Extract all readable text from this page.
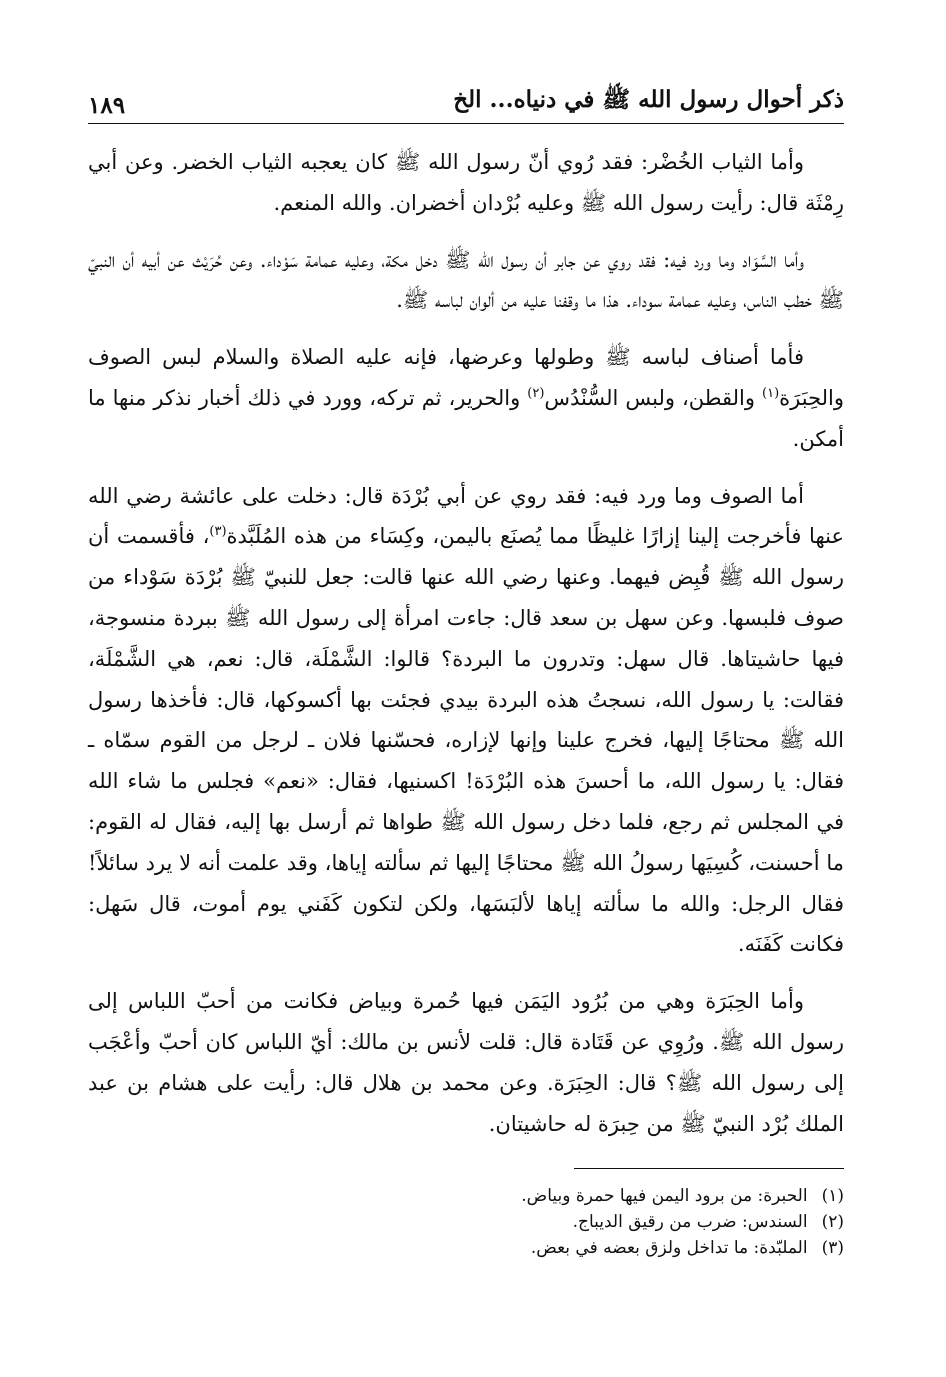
ذكر أحوال رسول الله ﷺ في دنياه... الخ
١٨٩

وأما الثياب الخُضْر: فقد رُوي أنّ رسول الله ﷺ كان يعجبه الثياب الخضر. وعن أبي رِمْثَة قال: رأيت رسول الله ﷺ وعليه بُرْدان أخضران. والله المنعم.

وأما السَّوَاد وما ورد فيه: فقد روي عن جابر أن رسول الله ﷺ دخل مكة، وعليه عمامة سَوْداء. وعن حُرَيْث عن أبيه أن النبيّ ﷺ خطب الناس، وعليه عمامة سوداء. هذا ما وقفنا عليه من ألوان لباسه ﷺ.

فأما أصناف لباسه ﷺ وطولها وعرضها، فإنه عليه الصلاة والسلام لبس الصوف والحِبَرَة$^{(١)}$ والقطن، ولبس السُّنْدُس$^{(٢)}$ والحرير، ثم تركه، وورد في ذلك أخبار نذكر منها ما أمكن.

أما الصوف وما ورد فيه: فقد روي عن أبي بُرْدَة قال: دخلت على عائشة رضي الله عنها فأخرجت إلينا إزارًا غليظًا مما يُصنَع باليمن، وكِسَاء من هذه المُلَبَّدة$^{(٣)}$، فأقسمت أن رسول الله ﷺ قُبِض فيهما. وعنها رضي الله عنها قالت: جعل للنبيّ ﷺ بُرْدَة سَوْداء من صوف فلبسها. وعن سهل بن سعد قال: جاءت امرأة إلى رسول الله ﷺ ببردة منسوجة، فيها حاشيتاها. قال سهل: وتدرون ما البردة؟ قالوا: الشَّمْلَة، قال: نعم، هي الشَّمْلَة، فقالت: يا رسول الله، نسجتُ هذه البردة بيدي فجئت بها أكسوكها، قال: فأخذها رسول الله ﷺ محتاجًا إليها، فخرج علينا وإنها لإزاره، فحسّنها فلان ـ لرجل من القوم سمّاه ـ فقال: يا رسول الله، ما أحسنَ هذه البُرْدَة! اكسنيها، فقال: «نعم» فجلس ما شاء الله في المجلس ثم رجع، فلما دخل رسول الله ﷺ طواها ثم أرسل بها إليه، فقال له القوم: ما أحسنت، كُسِيَها رسولُ الله ﷺ محتاجًا إليها ثم سألته إياها، وقد علمت أنه لا يرد سائلاً! فقال الرجل: والله ما سألته إياها لألبَسَها، ولكن لتكون كَفَني يوم أموت، قال سَهل: فكانت كَفَنَه.

وأما الحِبَرَة وهي من بُرُود اليَمَن فيها حُمرة وبياض فكانت من أحبّ اللباس إلى رسول الله ﷺ. ورُوِي عن قَتَادة قال: قلت لأنس بن مالك: أيّ اللباس كان أحبّ وأعْجَب إلى رسول الله ﷺ؟ قال: الحِبَرَة. وعن محمد بن هلال قال: رأيت على هشام بن عبد الملك بُرْد النبيّ ﷺ من حِبرَة له حاشيتان.

(١)
الحبرة: من برود اليمن فيها حمرة وبياض.
(٢)
السندس: ضرب من رقيق الديباج.
(٣)
الملبّدة: ما تداخل ولزق بعضه في بعض.
